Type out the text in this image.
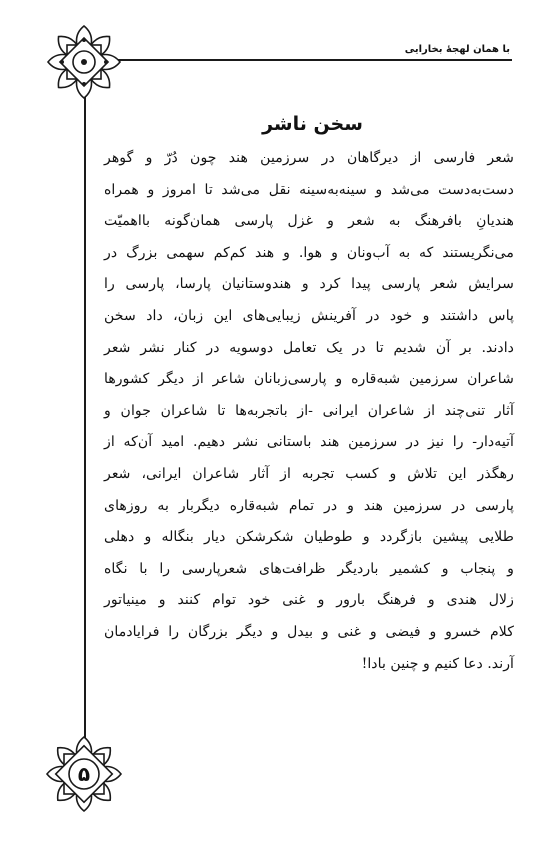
با همان لهجهٔ بخارایی
۵
سخن ناشر
شعر فارسی از دیرگاهان در سرزمین هند چون دُرّ و گوهر
دست‌به‌دست می‌شد و سینه‌به‌سینه نقل می‌شد تا امروز و همراه
هندیانِ بافرهنگ به شعر و غزل پارسی همان‌گونه بااهمیّت
می‌نگریستند که به آب‌ونان و هوا. و هند کم‌کم سهمی بزرگ در
سرایش شعر پارسی پیدا کرد و هندوستانیان پارسا، پارسی را
پاس داشتند و خود در آفرینش زیبایی‌های این زبان، داد سخن
دادند. بر آن شدیم تا در یک تعامل دوسویه در کنار نشر شعر
شاعران سرزمین شبه‌قاره و پارسی‌زبانان شاعر از دیگر کشورها
آثار تنی‌چند از شاعران ایرانی -از باتجربه‌ها تا شاعران جوان و
آتیه‌دار- را نیز در سرزمین هند باستانی نشر دهیم. امید آن‌که از
رهگذر این تلاش و کسب تجربه از آثار شاعران ایرانی، شعر
پارسی در سرزمین هند و در تمام شبه‌قاره دیگربار به روزهای
طلایی پیشین بازگردد و طوطیان شکرشکن دیار بنگاله و دهلی
و پنجاب و کشمیر باردیگر ظرافت‌های شعرپارسی را با نگاه
زلال هندی و فرهنگ بارور و غنی خود توام کنند و مینیاتور
کلام خسرو و فیضی و غنی و بیدل و دیگر بزرگان را فرایادمان
آرند. دعا کنیم و چنین بادا!
